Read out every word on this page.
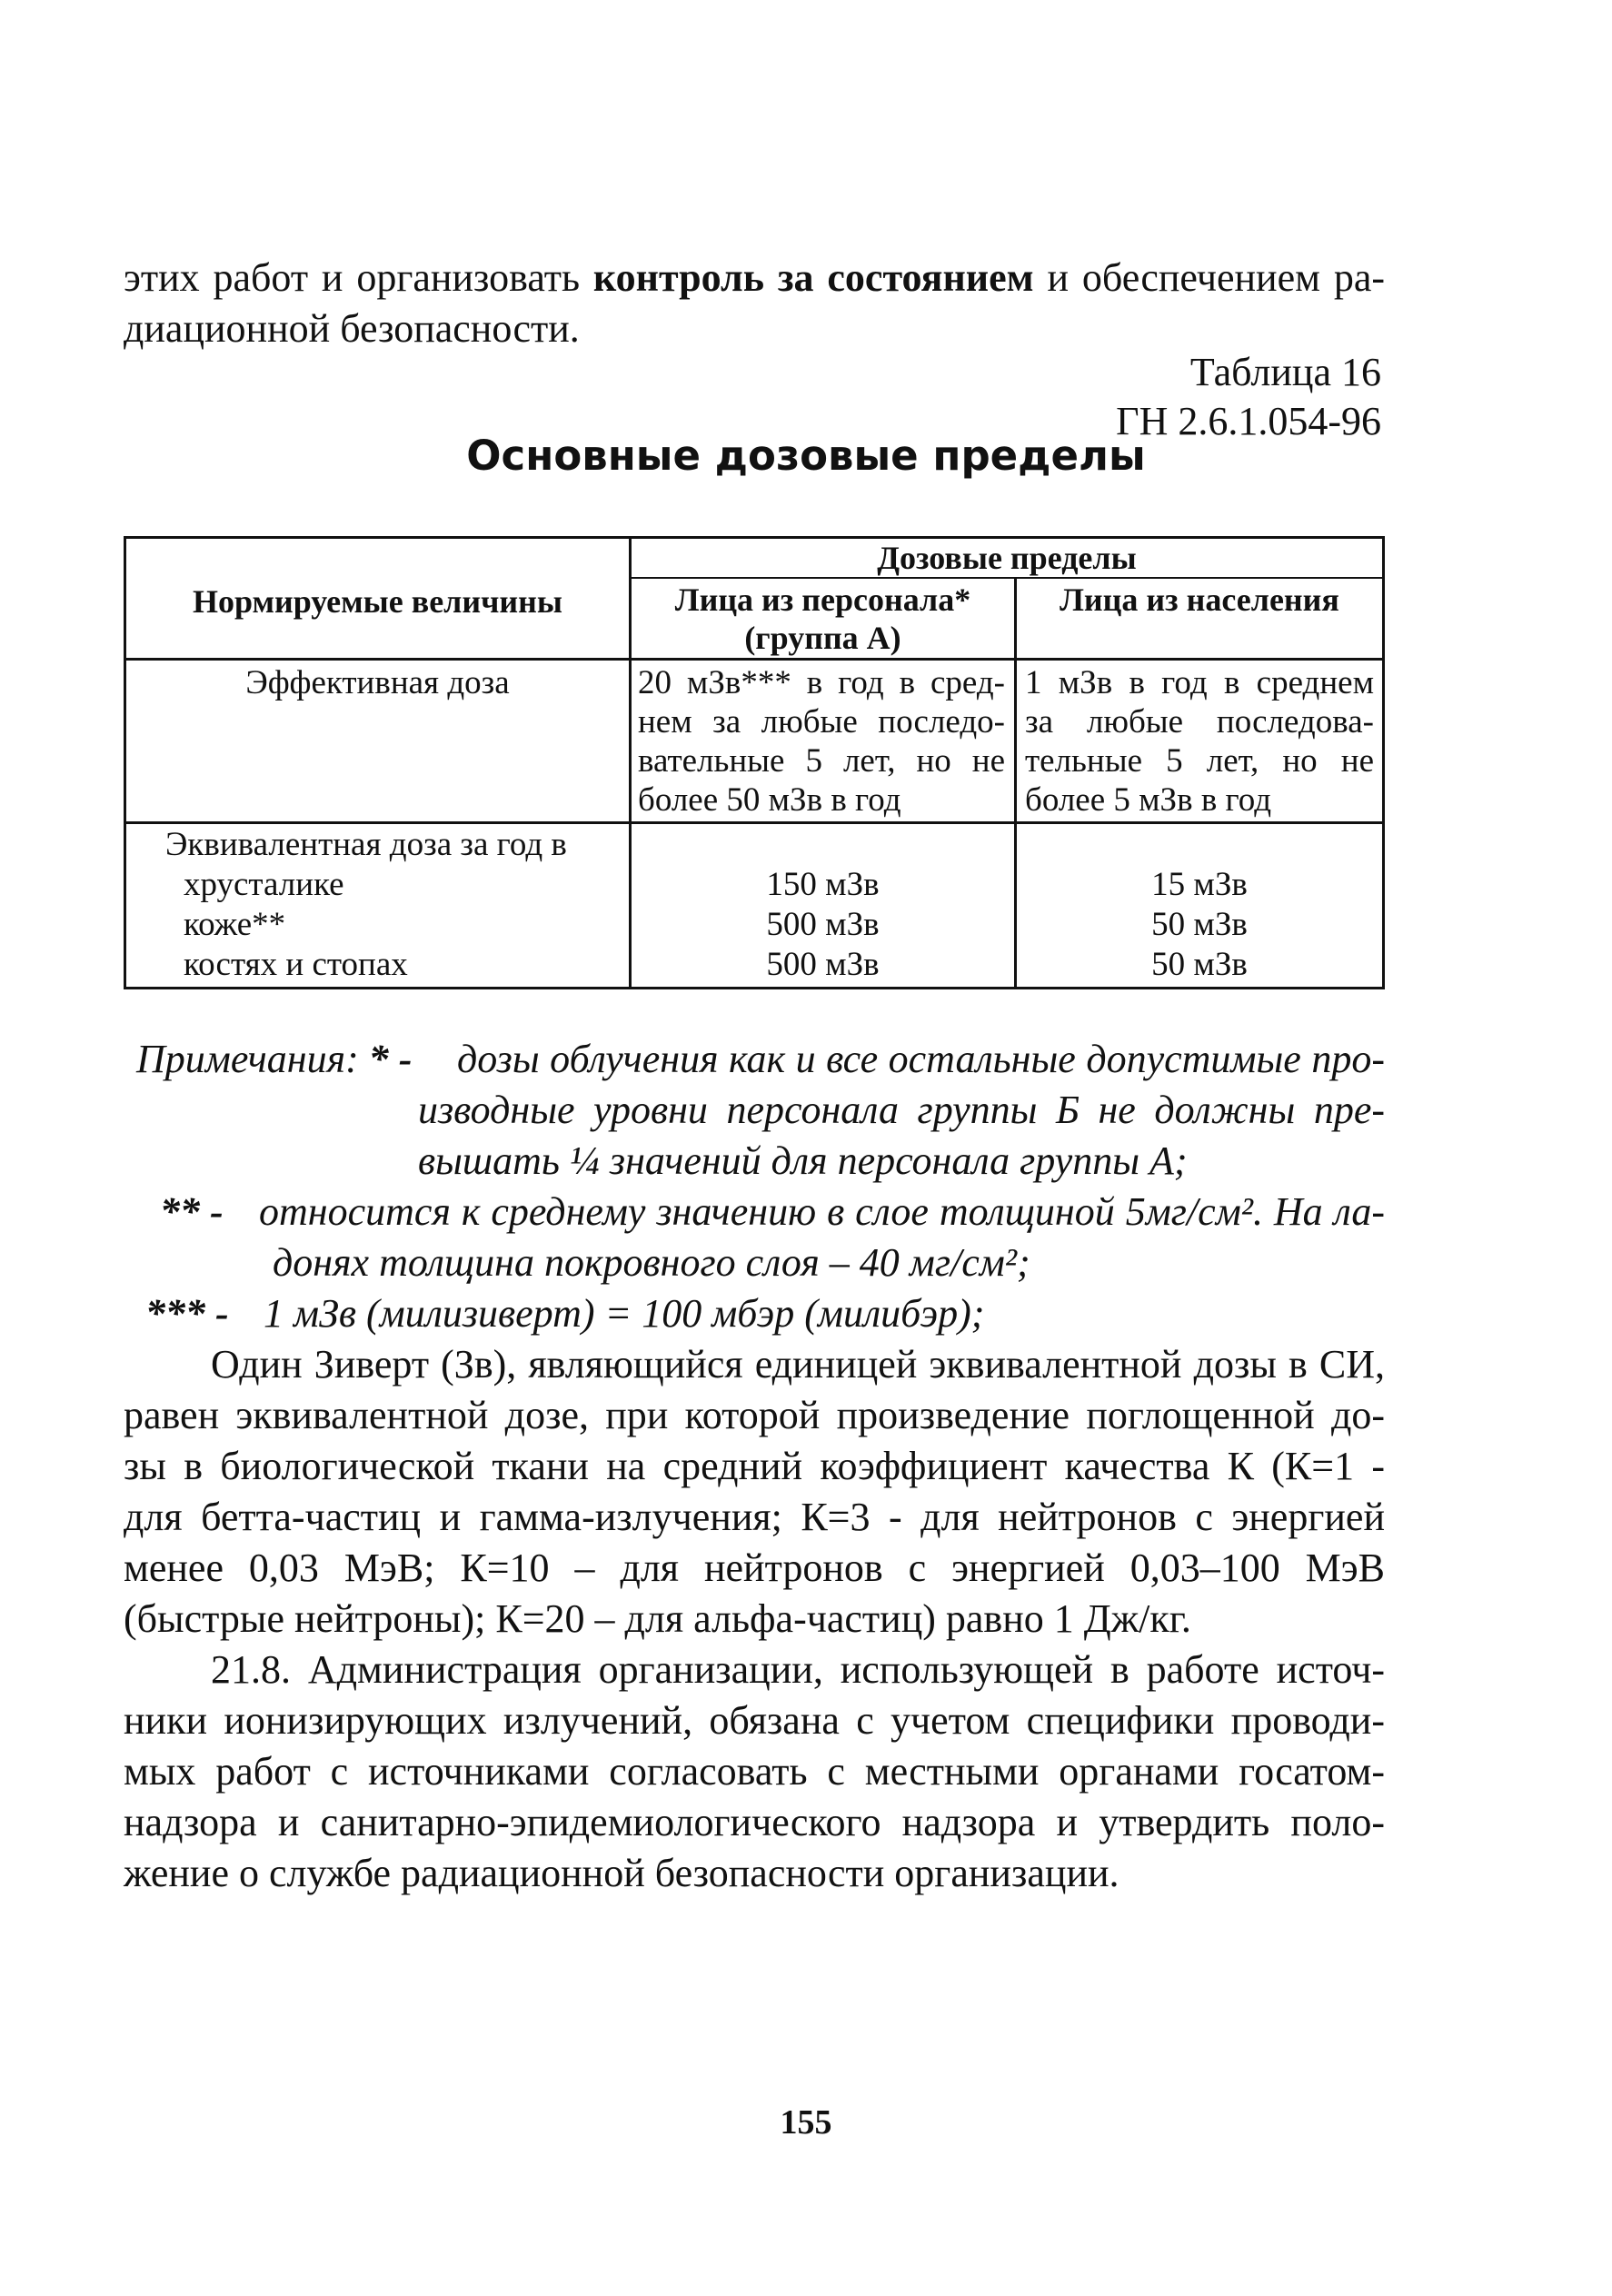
этих работ и организовать контроль за состоянием и обеспечением ра-
диационной безопасности.
Таблица 16
ГН 2.6.1.054-96
Основные дозовые пределы
Нормируемые величины
Дозовые пределы
Лица из персонала*
(группа А)
Лица из населения
Эффективная доза	20 мЗв*** в год в сред-
нем за любые последо-
вательные 5 лет, но не
более 50 мЗв в год
1 мЗв в год в среднем
за любые последова-
тельные 5 лет, но не
более 5 мЗв в год
Эквивалентная доза за год в
хрусталике
коже**
костях и стопах
150 мЗв
500 мЗв
500 мЗв
15 мЗв
50 мЗв
50 мЗв
Примечания: * - дозы облучения как и все остальные допустимые про-
изводные уровни персонала группы Б не должны пре-
вышать ¼ значений для персонала группы А;
** - относится к среднему значению в слое толщиной 5мг/см². На ла-
донях толщина покровного слоя – 40 мг/см²;
*** - 1 мЗв (милизиверт) = 100 мбэр (милибэр);
Один Зиверт (Зв), являющийся единицей эквивалентной дозы в СИ,
равен эквивалентной дозе, при которой произведение поглощенной до-
зы в биологической ткани на средний коэффициент качества К (К=1 -
для бетта-частиц и гамма-излучения; К=3 - для нейтронов с энергией
менее 0,03 МэВ; К=10 – для нейтронов с энергией 0,03–100 МэВ
(быстрые нейтроны); К=20 – для альфа-частиц) равно 1 Дж/кг.
21.8. Администрация организации, использующей в работе источ-
ники ионизирующих излучений, обязана с учетом специфики проводи-
мых работ с источниками согласовать с местными органами госатом-
надзора и санитарно-эпидемиологического надзора и утвердить поло-
жение о службе радиационной безопасности организации.
155
